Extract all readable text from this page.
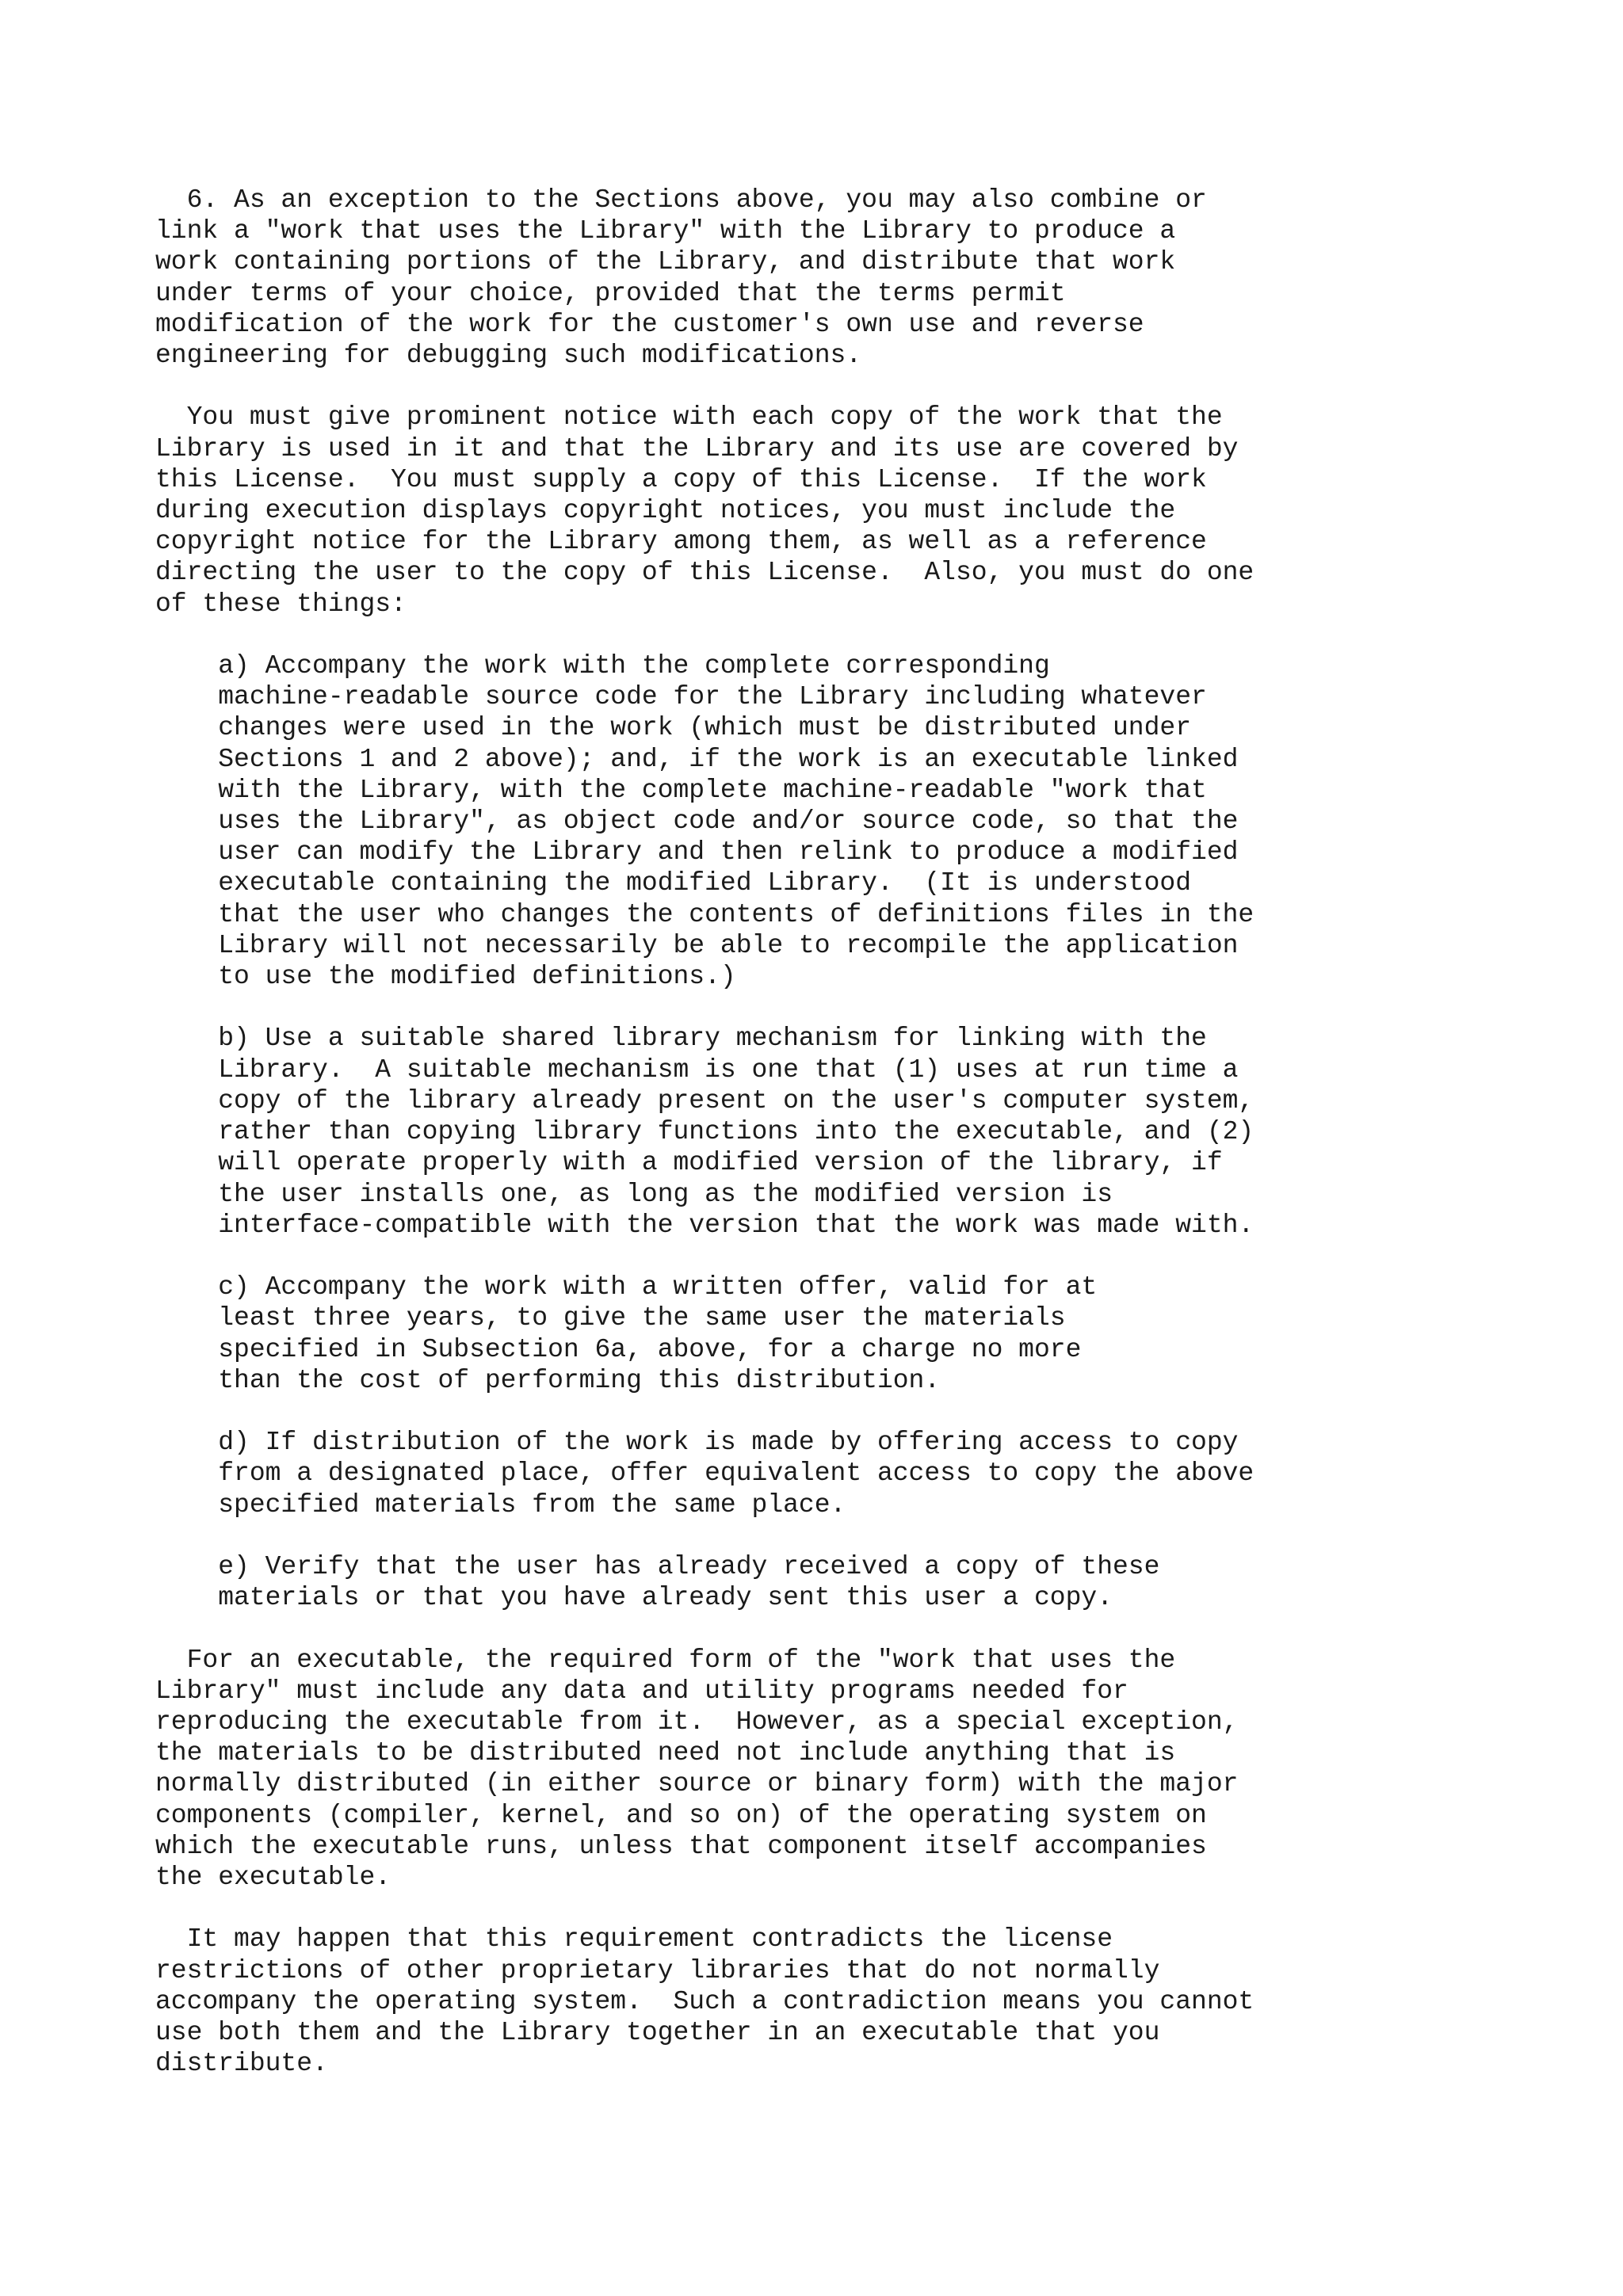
6. As an exception to the Sections above, you may also combine or
link a "work that uses the Library" with the Library to produce a
work containing portions of the Library, and distribute that work
under terms of your choice, provided that the terms permit
modification of the work for the customer's own use and reverse
engineering for debugging such modifications.

You must give prominent notice with each copy of the work that the
Library is used in it and that the Library and its use are covered by
this License.  You must supply a copy of this License.  If the work
during execution displays copyright notices, you must include the
copyright notice for the Library among them, as well as a reference
directing the user to the copy of this License.  Also, you must do one
of these things:

a) Accompany the work with the complete corresponding
machine-readable source code for the Library including whatever
changes were used in the work (which must be distributed under
Sections 1 and 2 above); and, if the work is an executable linked
with the Library, with the complete machine-readable "work that
uses the Library", as object code and/or source code, so that the
user can modify the Library and then relink to produce a modified
executable containing the modified Library.  (It is understood
that the user who changes the contents of definitions files in the
Library will not necessarily be able to recompile the application
to use the modified definitions.)

b) Use a suitable shared library mechanism for linking with the
Library.  A suitable mechanism is one that (1) uses at run time a
copy of the library already present on the user's computer system,
rather than copying library functions into the executable, and (2)
will operate properly with a modified version of the library, if
the user installs one, as long as the modified version is
interface-compatible with the version that the work was made with.

c) Accompany the work with a written offer, valid for at
least three years, to give the same user the materials
specified in Subsection 6a, above, for a charge no more
than the cost of performing this distribution.

d) If distribution of the work is made by offering access to copy
from a designated place, offer equivalent access to copy the above
specified materials from the same place.

e) Verify that the user has already received a copy of these
materials or that you have already sent this user a copy.

For an executable, the required form of the "work that uses the
Library" must include any data and utility programs needed for
reproducing the executable from it.  However, as a special exception,
the materials to be distributed need not include anything that is
normally distributed (in either source or binary form) with the major
components (compiler, kernel, and so on) of the operating system on
which the executable runs, unless that component itself accompanies
the executable.

It may happen that this requirement contradicts the license
restrictions of other proprietary libraries that do not normally
accompany the operating system.  Such a contradiction means you cannot
use both them and the Library together in an executable that you
distribute.
